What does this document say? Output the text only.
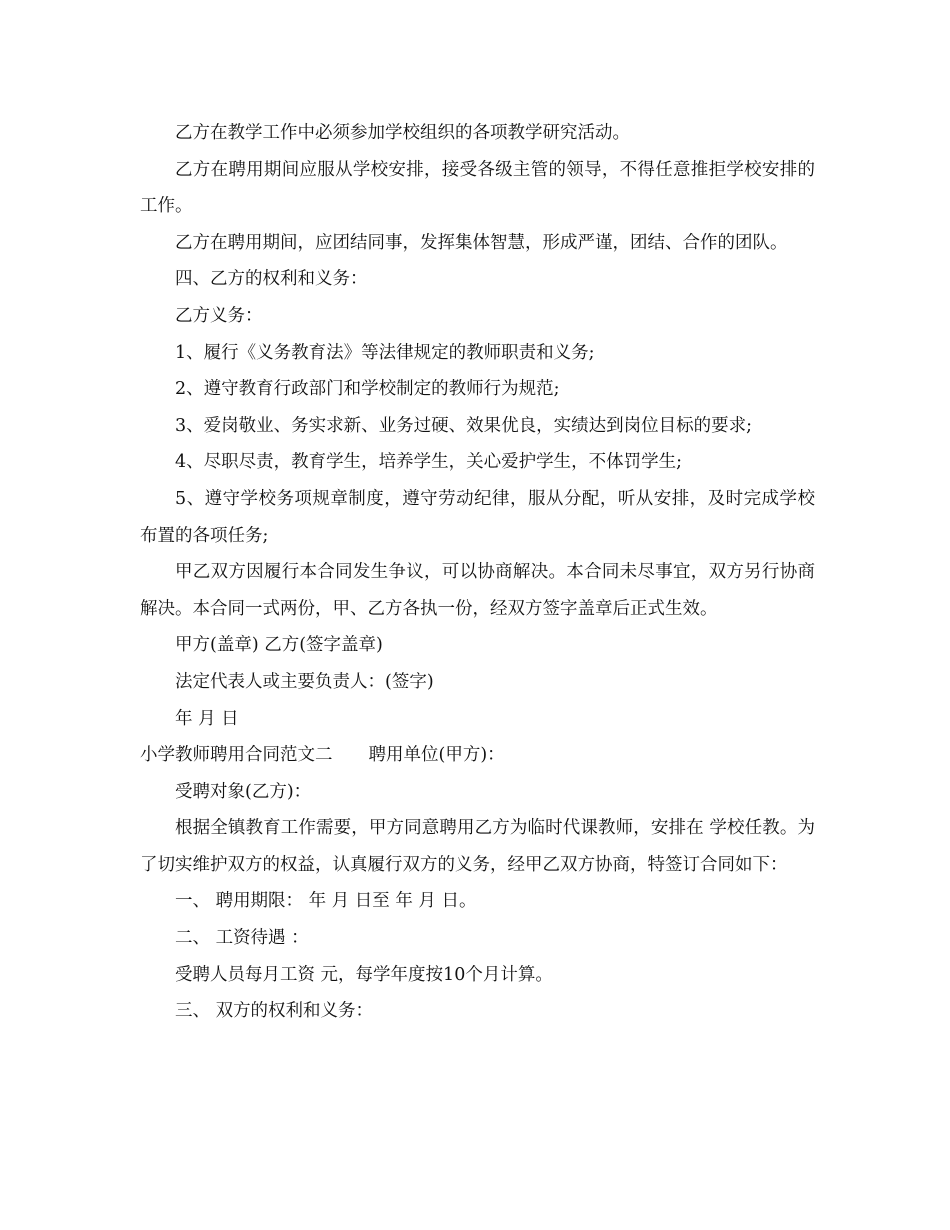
乙方在教学工作中必须参加学校组织的各项教学研究活动。

乙方在聘用期间应服从学校安排，接受各级主管的领导，不得任意推拒学校安排的工作。

乙方在聘用期间，应团结同事，发挥集体智慧，形成严谨，团结、合作的团队。

四、乙方的权利和义务：

乙方义务：

1、履行《义务教育法》等法律规定的教师职责和义务;

2、遵守教育行政部门和学校制定的教师行为规范;

3、爱岗敬业、务实求新、业务过硬、效果优良，实绩达到岗位目标的要求;

4、尽职尽责，教育学生，培养学生，关心爱护学生，不体罚学生;

5、遵守学校务项规章制度，遵守劳动纪律，服从分配，听从安排，及时完成学校布置的各项任务;

甲乙双方因履行本合同发生争议，可以协商解决。本合同未尽事宜，双方另行协商解决。本合同一式两份，甲、乙方各执一份，经双方签字盖章后正式生效。

甲方(盖章) 乙方(签字盖章)

法定代表人或主要负责人：(签字)

年 月 日

小学教师聘用合同范文二 聘用单位(甲方)：

受聘对象(乙方)：

根据全镇教育工作需要，甲方同意聘用乙方为临时代课教师，安排在 学校任教。为了切实维护双方的权益，认真履行双方的义务，经甲乙双方协商，特签订合同如下：

一、 聘用期限： 年 月 日至 年 月 日。

二、 工资待遇 ：

受聘人员每月工资 元，每学年度按10个月计算。

三、 双方的权利和义务：
